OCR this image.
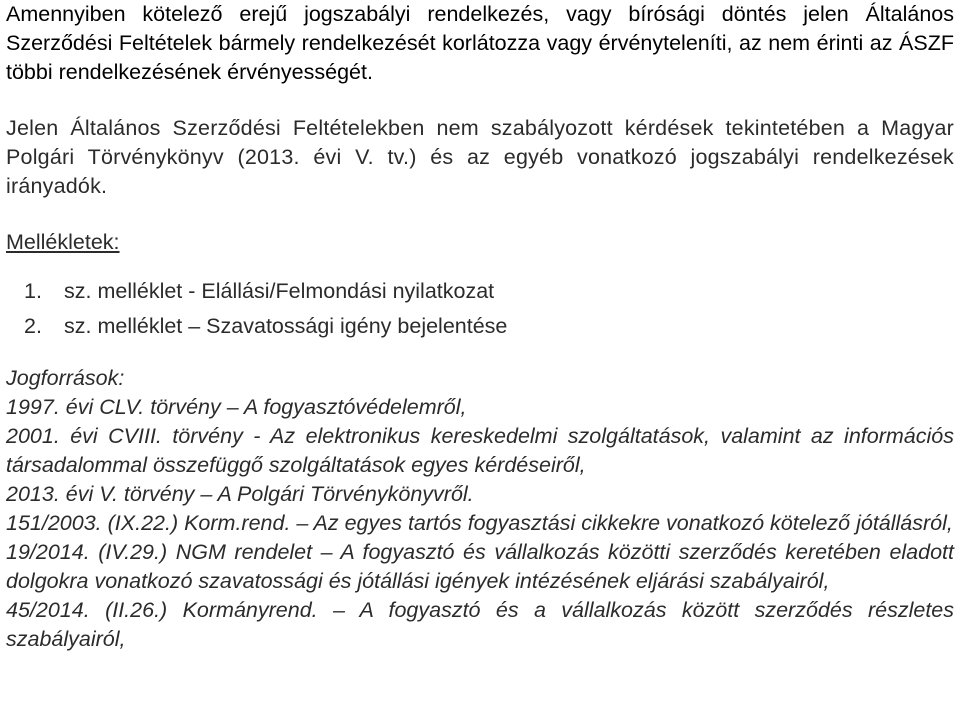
Amennyiben kötelező erejű jogszabályi rendelkezés, vagy bírósági döntés jelen Általános Szerződési Feltételek bármely rendelkezését korlátozza vagy érvényteleníti, az nem érinti az ÁSZF többi rendelkezésének érvényességét.

Jelen Általános Szerződési Feltételekben nem szabályozott kérdések tekintetében a Magyar Polgári Törvénykönyv (2013. évi V. tv.) és az egyéb vonatkozó jogszabályi rendelkezések irányadók.

Mellékletek:

1.	sz. melléklet - Elállási/Felmondási nyilatkozat
2.	sz. melléklet – Szavatossági igény bejelentése

Jogforrások:

1997. évi CLV. törvény – A fogyasztóvédelemről,

2001. évi CVIII. törvény - Az elektronikus kereskedelmi szolgáltatások, valamint az információs társadalommal összefüggő szolgáltatások egyes kérdéseiről,

2013. évi V. törvény – A Polgári Törvénykönyvről.

151/2003. (IX.22.) Korm.rend. – Az egyes tartós fogyasztási cikkekre vonatkozó kötelező jótállásról,

19/2014. (IV.29.) NGM rendelet – A fogyasztó és vállalkozás közötti szerződés keretében eladott dolgokra vonatkozó szavatossági és jótállási igények intézésének eljárási szabályairól,

45/2014. (II.26.) Kormányrend. – A fogyasztó és a vállalkozás között szerződés részletes szabályairól,
